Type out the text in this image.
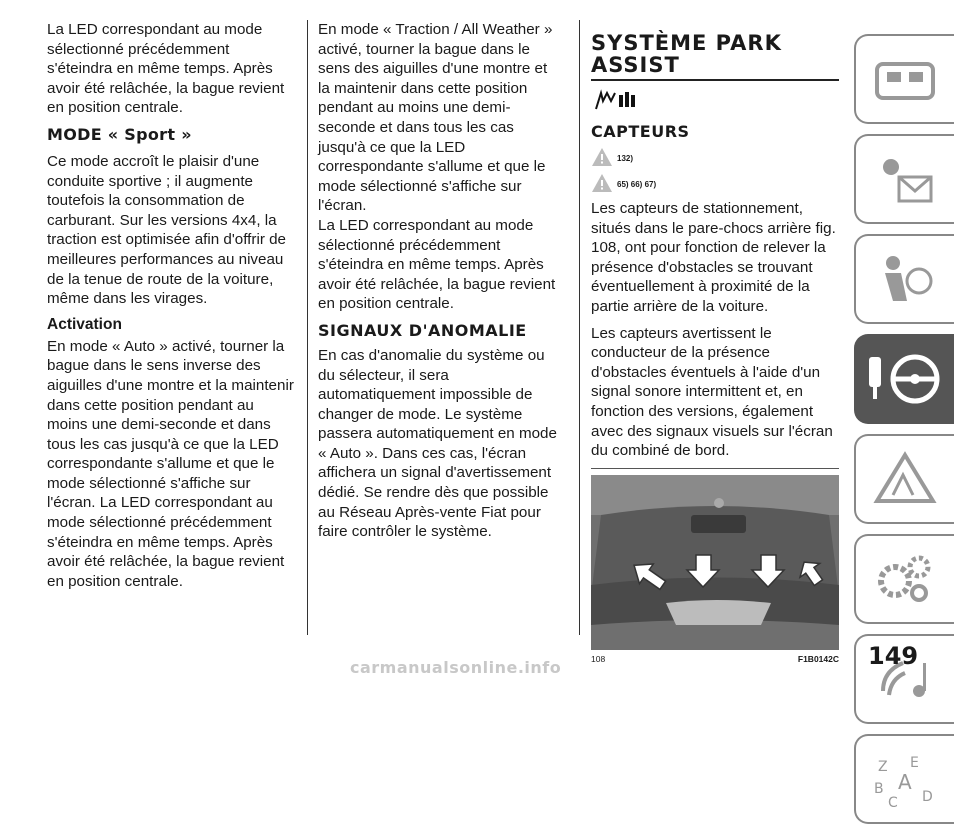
La LED correspondant au mode sélectionné précédemment s'éteindra en même temps. Après avoir été relâchée, la bague revient en position centrale.

MODE « Sport »

Ce mode accroît le plaisir d'une conduite sportive ; il augmente toutefois la consommation de carburant. Sur les versions 4x4, la traction est optimisée afin d'offrir de meilleures performances au niveau de la tenue de route de la voiture, même dans les virages.

Activation

En mode « Auto » activé, tourner la bague dans le sens inverse des aiguilles d'une montre et la maintenir dans cette position pendant au moins une demi-seconde et dans tous les cas jusqu'à ce que la LED correspondante s'allume et que le mode sélectionné s'affiche sur l'écran. La LED correspondant au mode sélectionné précédemment s'éteindra en même temps. Après avoir été relâchée, la bague revient en position centrale.

En mode « Traction / All Weather » activé, tourner la bague dans le sens des aiguilles d'une montre et la maintenir dans cette position pendant au moins une demi-seconde et dans tous les cas jusqu'à ce que la LED correspondante s'allume et que le mode sélectionné s'affiche sur l'écran.

La LED correspondant au mode sélectionné précédemment s'éteindra en même temps. Après avoir été relâchée, la bague revient en position centrale.

SIGNAUX D'ANOMALIE

En cas d'anomalie du système ou du sélecteur, il sera automatiquement impossible de changer de mode. Le système passera automatiquement en mode « Auto ». Dans ces cas, l'écran affichera un signal d'avertissement dédié. Se rendre dès que possible au Réseau Après-vente Fiat pour faire contrôler le système.

SYSTÈME PARK
ASSIST
CAPTEURS
132)
65) 66) 67)

Les capteurs de stationnement, situés dans le pare-chocs arrière fig. 108, ont pour fonction de relever la présence d'obstacles se trouvant éventuellement à proximité de la partie arrière de la voiture.

Les capteurs avertissent le conducteur de la présence d'obstacles éventuels à l'aide d'un signal sonore intermittent et, en fonction des versions, également avec des signaux visuels sur l'écran du combiné de bord.

108	F1B0142C
Z E
B A
C D
149
carmanualsonline.info
